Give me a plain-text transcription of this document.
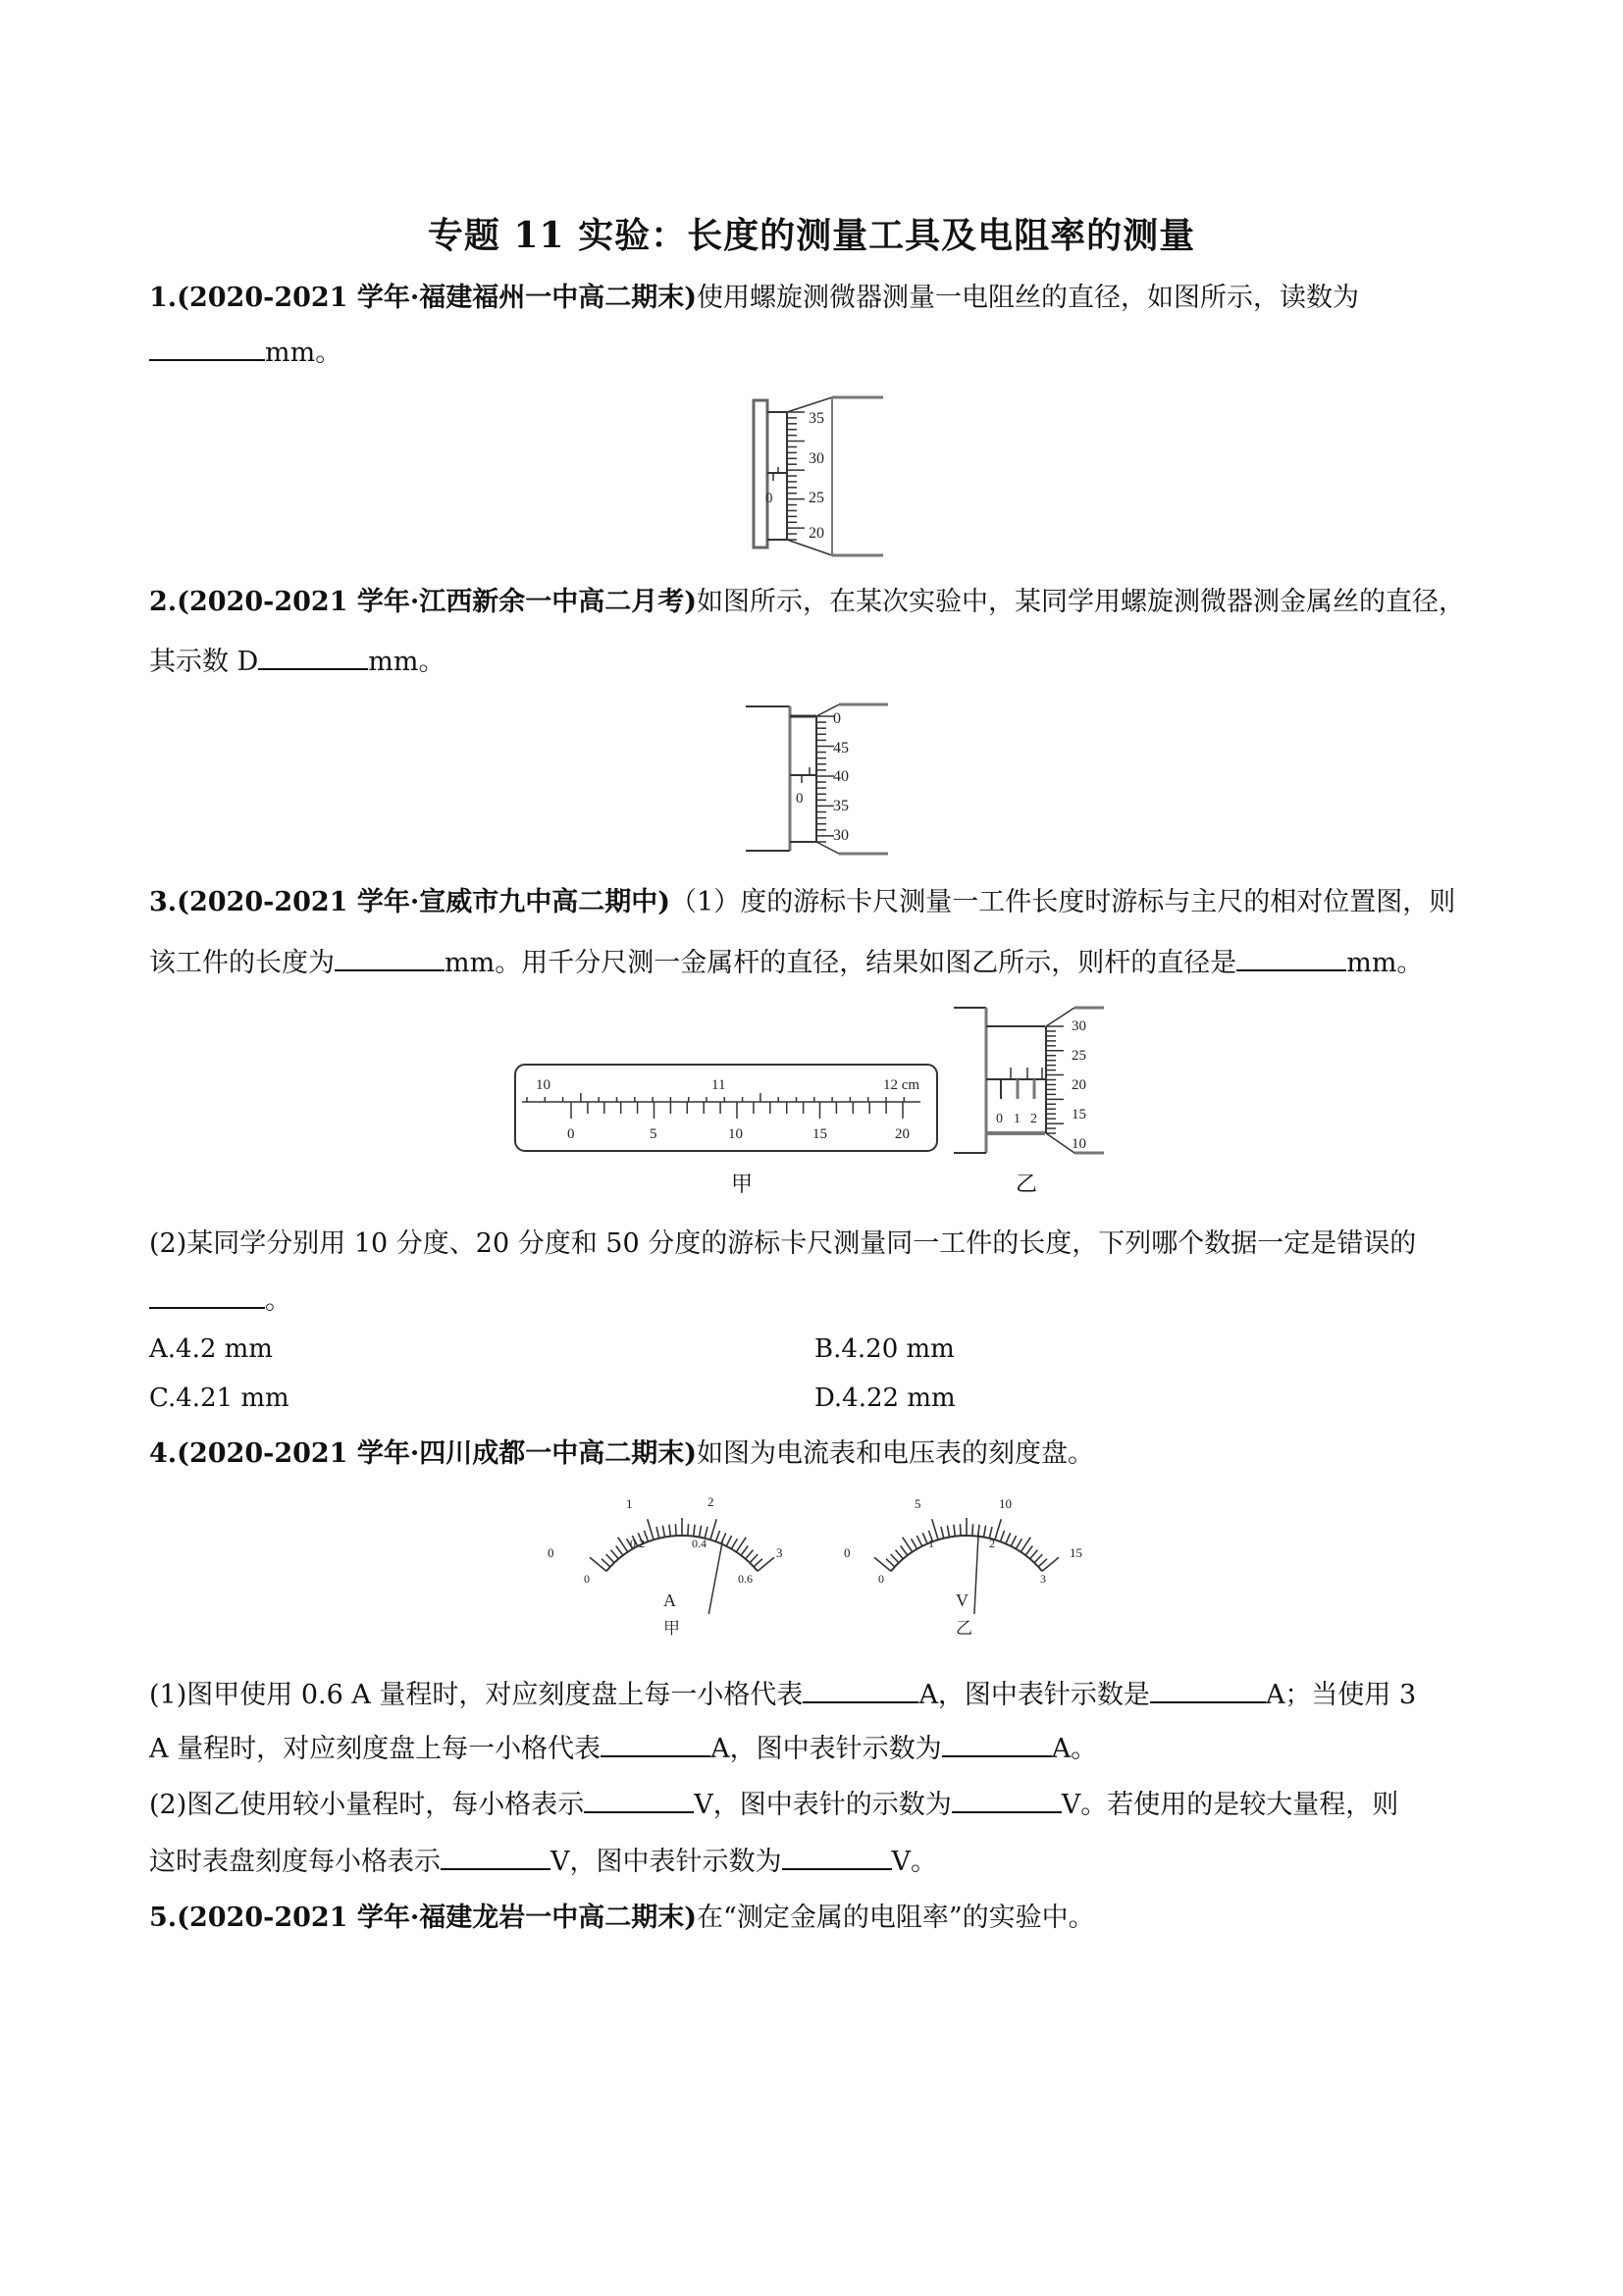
专题 11 实验：长度的测量工具及电阻率的测量
1.(2020-2021 学年·福建福州一中高二期末)使用螺旋测微器测量一电阻丝的直径，如图所示，读数为
mm。
0
35
30
25
20
2.(2020-2021 学年·江西新余一中高二月考)如图所示，在某次实验中，某同学用螺旋测微器测金属丝的直径，
其示数 D	mm。
0
0
45
40
35
30
3.(2020-2021 学年·宣威市九中高二期中)（1）度的游标卡尺测量一工件长度时游标与主尺的相对位置图，则
该工件的长度为	mm。用千分尺测一金属杆的直径，结果如图乙所示，则杆的直径是	mm。
10	11	12 cm
0	5	10	15	20
甲
0 1 2
30
25
20
15
10
乙
(2)某同学分别用 10 分度、20 分度和 50 分度的游标卡尺测量同一工件的长度，下列哪个数据一定是错误的
。
A.4.2 mm	B.4.20 mm
C.4.21 mm	D.4.22 mm
4.(2020-2021 学年·四川成都一中高二期末)如图为电流表和电压表的刻度盘。
0
1	2
3
0
0.2	0.4
0.6
A
甲
0
5	10
15
0
1	2
3
V
乙
(1)图甲使用 0.6 A 量程时，对应刻度盘上每一小格代表	A，图中表针示数是	A；当使用 3
A 量程时，对应刻度盘上每一小格代表	A，图中表针示数为	A。
(2)图乙使用较小量程时，每小格表示	V，图中表针的示数为	V。若使用的是较大量程，则
这时表盘刻度每小格表示	V，图中表针示数为	V。
5.(2020-2021 学年·福建龙岩一中高二期末)在“测定金属的电阻率”的实验中。
